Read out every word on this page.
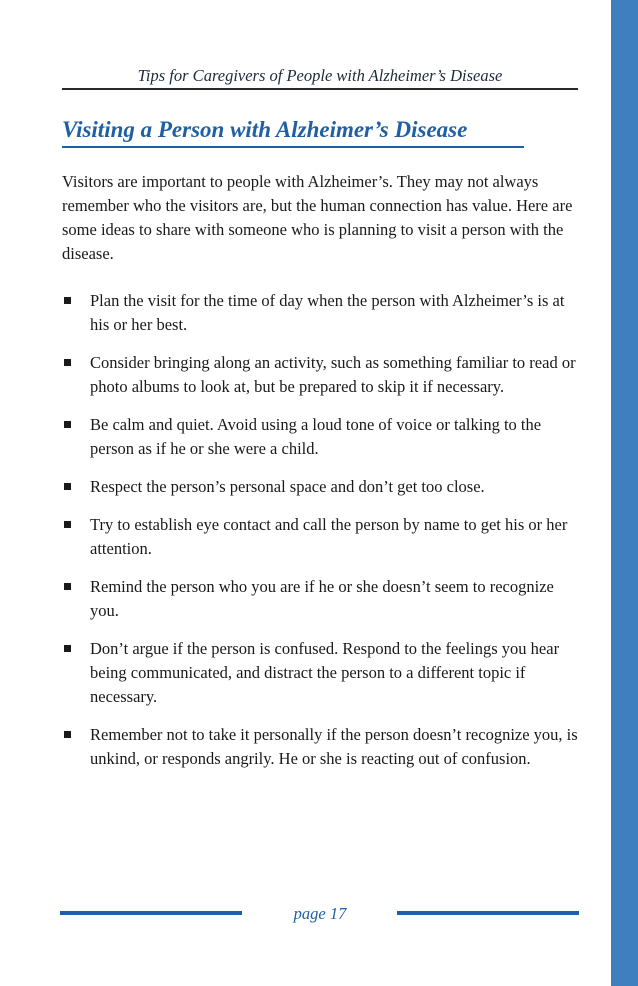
Tips for Caregivers of People with Alzheimer’s Disease
Visiting a Person with Alzheimer’s Disease

Visitors are important to people with Alzheimer’s. They may not always remember who the visitors are, but the human connection has value. Here are some ideas to share with someone who is planning to visit a person with the disease.

Plan the visit for the time of day when the person with Alzheimer’s is at his or her best.
Consider bringing along an activity, such as something familiar to read or photo albums to look at, but be prepared to skip it if necessary.
Be calm and quiet. Avoid using a loud tone of voice or talking to the person as if he or she were a child.
Respect the person’s personal space and don’t get too close.
Try to establish eye contact and call the person by name to get his or her attention.
Remind the person who you are if he or she doesn’t seem to recognize you.
Don’t argue if the person is confused. Respond to the feelings you hear being communicated, and distract the person to a different topic if necessary.
Remember not to take it personally if the person doesn’t recognize you, is unkind, or responds angrily. He or she is reacting out of confusion.
page 17
